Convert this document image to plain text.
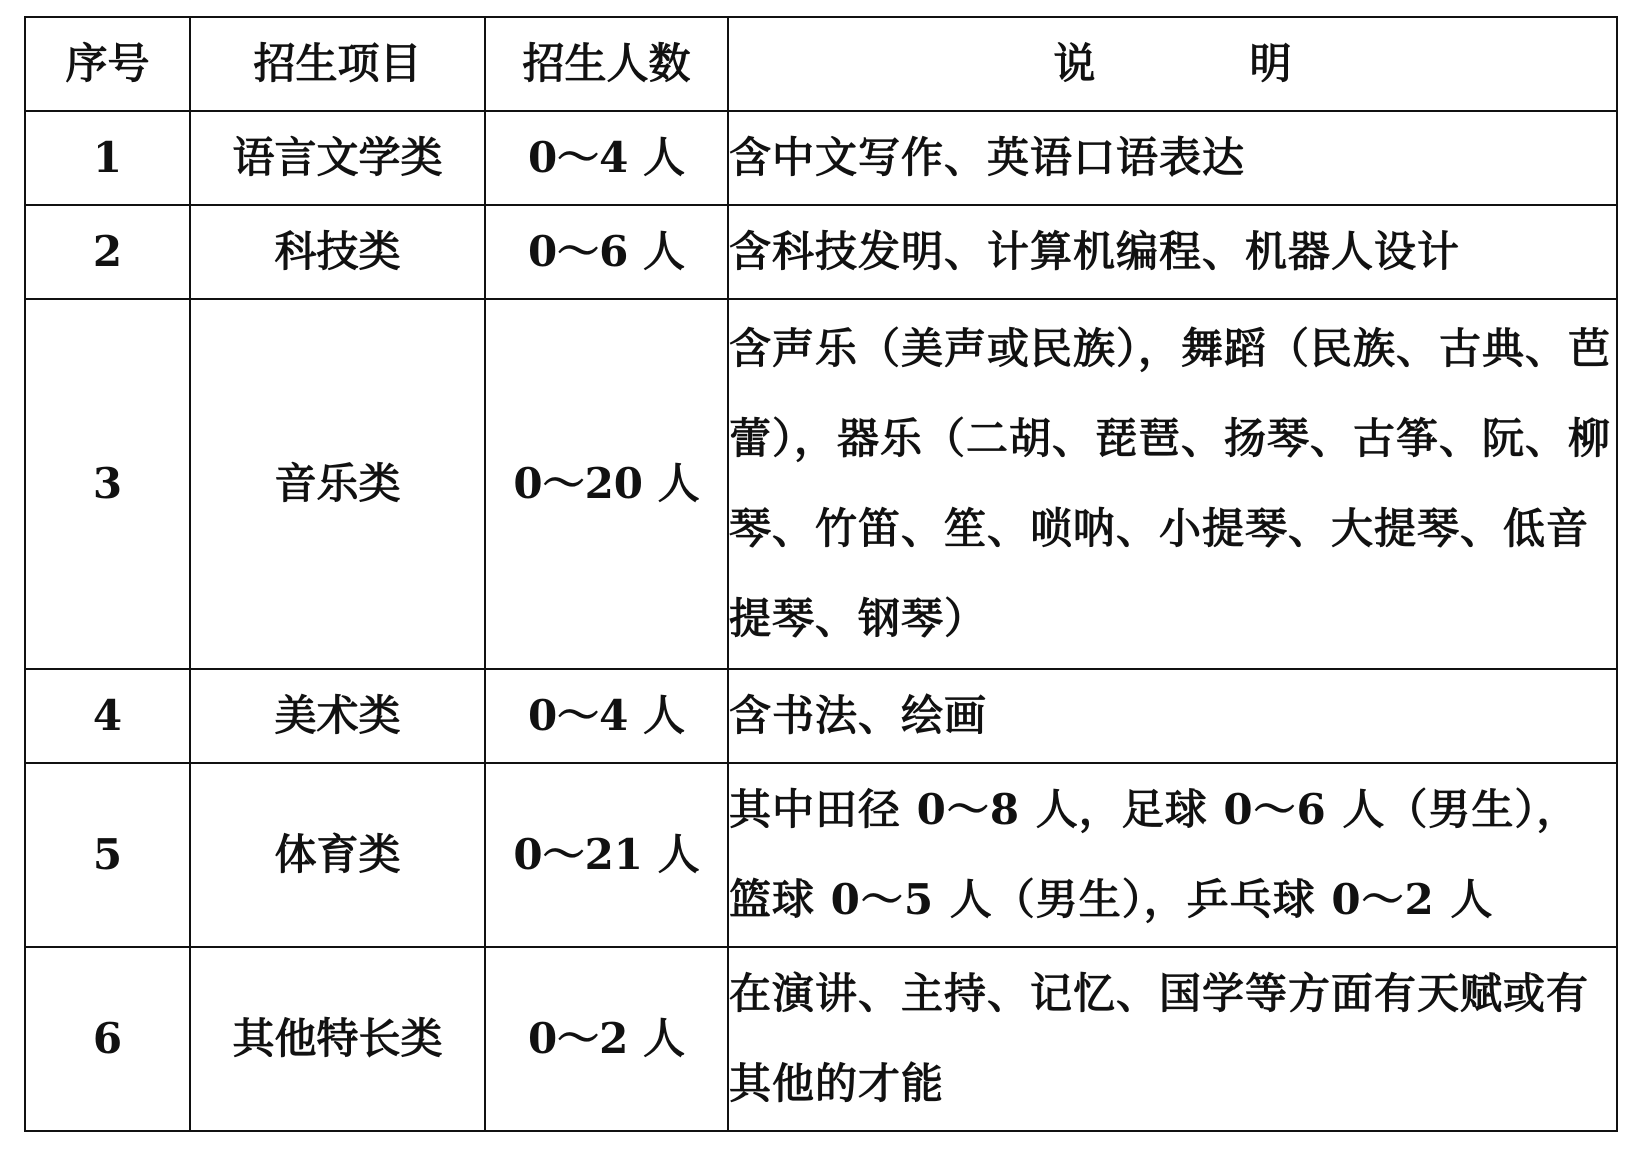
序号	招生项目	招生人数	说　明
1	语言文学类	0～4 人	含中文写作、英语口语表达
2	科技类	0～6 人	含科技发明、计算机编程、机器人设计
3	音乐类	0～20 人	含声乐（美声或民族），舞蹈（民族、古典、芭蕾），器乐（二胡、琵琶、扬琴、古筝、阮、柳琴、竹笛、笙、唢呐、小提琴、大提琴、低音提琴、钢琴）
4	美术类	0～4 人	含书法、绘画
5	体育类	0～21 人	其中田径 0～8 人，足球 0～6 人（男生），篮球 0～5 人（男生），乒乓球 0～2 人
6	其他特长类	0～2 人	在演讲、主持、记忆、国学等方面有天赋或有其他的才能
